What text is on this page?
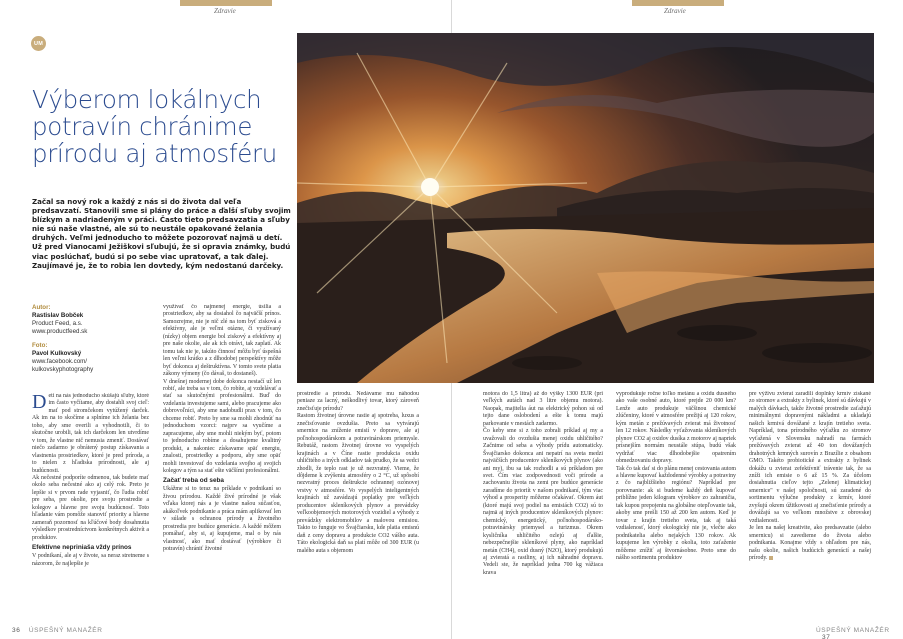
Zdravie	Zdravie
UM
Výberom lokálnych potravín chránime prírodu aj atmosféru
Začal sa nový rok a každý z nás si do života dal veľa predsavzatí. Stanovili sme si plány do práce a ďalší sľuby svojim blízkym a nadriadeným v práci. Často tieto predsavzatia a sľuby nie sú naše vlastné, ale sú to neustále opakované želania druhých. Veľmi jednoducho to môžete pozorovať najmä u detí. Už pred Vianocami Ježiškovi sľubujú, že si opravia známky, budú viac poslúchať, budú si po sebe viac upratovať, a tak ďalej. Zaujímavé je, že to robia len dovtedy, kým nedostanú darčeky.
Autor:
Rastislav Bobček
Product Feed, a.s.
www.productfeed.sk
Foto:
Pavol Kulkovský
www.facebook.com/
kulkovskyphotography
D eti na nás jednoducho skúšajú sľuby, ktoré im často vyčítame, aby dostahli svoj cieľ: mať pod stromčekom vytúžený darček. Ak im na to skočíme a splníme ich želania bez toho, aby sme overili a vyhodnotili, či to skutočne urobili, tak ich darčekom len utvrdíme v tom, že vlastne nič nemusia zmeniť. Dostávať niečo zadarmo je obrátený postup získavania a vlastnenia prostriedkov, ktoré je pred príroda, a to nielen z hľadiska prírodnosti, ale aj budúcnosti.

Ak nečestné podporíte odmenou, tak budete mať okolo seba nečestné ako aj celý rok. Preto je lepšie si v prvom rade vyjasniť, čo ľudia robiť pre seba, pre okolie, pre svoju prostredie a kolegov a hlavne pre svoju budúcnosť. Toto hľadanie vám pomôže stanoviť priority a hlavne zameraň pozornosť na kľúčové body dosahnutia výsledkov prostredníctvom konkrétnych aktivít a produktov.

Efektívne nepriniaša vždy prínos

V podnikaní, ale aj v živote, sa neraz stretneme s názorom, že najlepšie je

využívať čo najmenej energie, úsilia a prostriedkov, aby sa dosiahol čo najväčší prínos. Samozrejme, nie je nič zlé na tom byť zisková a efektívny, ale je veľmi otázne, či využívaný (nízky) objem energie bol ziskový a efektívny aj pre naše okolie, ale ak ich otrávi, tak zaplatí. Ak tomu tak nie je, takúto činnosť môžu byť úspešná len veľmi krátko a z dlhodobej perspektívy môže byť dokonca aj deštruktívna. V tomto svete platia zákony výmeny (čo dávaš, to dostaneš).

V dnešnej modernej dobe dokonca nestačí už len robiť, ale treba sa v tom, čo robíte, aj vzdelávať a stať sa skutočnými profesionálmi. Buď do vzdelania investujeme sami, alebo pracujeme ako dobrovoľníci, aby sme nadobudli prax v tom, čo chceme robiť. Preto by sme sa mohli zhodnúť na jednoduchom vzorci: najprv sa vyučíme a zapracujeme, aby sme mohli niekým byť, potom to jednoducho robíme a dosahujeme kvalitný produkt, a nakoniec získavame späť energiu, znalosti, prostriedky a podporu, aby sme opäť mohli investovať do vzdelania svojho aj svojich kolegov a tým sa stať ešte väčšími profesionálmi.

Začať treba od seba

Ukážme si to teraz na príklade v podnikaní so živou prírodou. Každé živé prírodné je však vďaka ktorej nás a je vlastne našou súčasťou, akákoľvek podnikanie a práca mám aplikovať len v súlade s ochranou prírody a životného prostredia pre budúce generácie. A každé môžem pomáhať, aby si, aj kupujeme, mal o by nás vlastnosť, ako mať dostávať (výrobkov či potravín) chrániť životné

prostredie a prírodu. Nedávame mu náhodou peniaze za lacný, neškodlivý tovar, ktorý zároveň znečisťuje prírodu?

Rastom životnej úrovne rastie aj spotreba, luxus a znečisťovanie ovzdušia. Preto sa vytvárajú smernice na zníženie emisií v doprave, ale aj poľnohospodárskom a potravinárskom priemysle. Rebutáž, rastom životnej úrovne vo vyspelých krajinách a v Číne rastie produkcia oxidu uhličitého a iných odkladov tak prudko, že sa vedci zhodli, že teplo rast je už nezvratný. Vieme, že dôjdeme k zvýšeniu atmosféry o 2 °C, už spôsobí nezvratný proces deštrukcie ochrannej ozónovej vrstvy v atmosfére. Vo vyspelých inteligentných krajinách už zavádzajú poplatky pre veľkých producentov skleníkových plynov a prevádzky veľkoobjemových motorových vozidiel a výhody z prevádzky elektromobilov a malovou emisiou. Takto to funguje vo Švajčiarsku, kde platia emisnú daň z ceny dopravu a produkcie CO2 vášho auta. Táto ekologická daň sa platí môže od 300 EUR (u malého auta s objemom

motora do 1,5 litra) až do výšky 1300 EUR (pri veľkých autách nad 3 litre objemu motora). Naopak, majitelia áut na elektrický pohon sú od tejto dane oslobodení a ešte k tomu majú parkovanie v mestách zadarmo.

Čo keby sme si z toho zobrali príklad aj my a uvažovali do ovzdušia menej oxidu uhličitého? Začnime od seba a výhody prídu automaticky. Švajčiarsko dokonca ani nepatrí na sveta medzi najväčších producentov skleníkových plynov (ako ani my), ibu sa tak rozhodli a sú príkladom pre svet. Čím viac zodpovednosti voči prírode a zachovaniu života na zemi pre budúce generácie zaradíme do prioriít v našom podnikaní, tým viac výhod a prosperity môžeme očakávať. Okrem áut (ktoré majú svoj podiel na emisiách CO2) sú to najmä aj iných producentov skleníkových plynov: chemický, energetický, poľnohospodársko-potravinársky priemysel a turizmus. Okrem kysličníka uhličitého ozlejú aj ďalšie, nebezpečnejšie skleníkové plyny, ako napríklad metán (CH4), oxid dusný (N2O), ktorý produkujú aj zvieratá a rastliny, aj ich náhradné dopravu. Vedeli ste, že napríklad jedna 700 kg vážiaca krava

vyprodukuje ročne toľko metánu a oxidu dusného ako vaše osobné auto, ktoré prejde 20 000 km? Lenže auto produkuje väčšinou chemické zlúčeniny, ktoré v atmosfére prežijú aj 120 rokov, kým metán z prežúvavých zvierat má životnosť len 12 rokov. Následky vyťažovania skleníkových plynov CO2 aj oxidov dusíka z motorov aj napriek prísnejším normám neustále stúpa, budú však vydržať viac dlhodobejšie opatrením obmedzovaniu dopravy.

Tak čo tak dať si do plánu menej cestovania autom a hlavne kupovať každodenné výrobky a potraviny z čo najbližšieho regiónu? Napríklad pre porovnanie: ak si budeme každý deň kupovať priblížne jeden kilogram výrobkov zo zahraničia, tak kupou prepojeniu na globálne otepľovanie tak, akoby sme prešli 150 až 200 km autom. Keď je tovar z krajín tretieho sveta, tak aj taká vzdialenosť, ktorý ekologický nie je, vlečte ako podnikatelia alebo nejakých 130 rokov. Ak kupujeme len výrobky z okolia, toto zaťaženie môžeme znížiť aj štvornásobne. Preto sme do nášho sortimentu produktov

pre výživu zvierat zaradili doplnky krmív získané zo stromov a extrakty z bylinek, ktoré sú dávkujú v malých dávkach, takže životné prostredie zaťažujú minimálnymi dopravnými nákladmi a ukladajú našich krmivá dovážané z krajín tretieho sveta. Napríklad, tona prírodného výťažku zo stromov vyťažená v Slovensku nahradí na farmách prežúvavých zvierat až 40 ton dovážaných drahotných krmných surovín z Brazílie z obsahom GMO. Takéto probiotické a extrakty z bylinek dokážu u zvierat zefektívniť trávenie tak, že sa zníži ich emisie o 6 až 15 %. Za účelom dosiahnutia cieľov tejto „Zelenej klimatickej smernice" v našej spoločnosti, sú zaradené do sortimentu výlučne produkty z krmív, ktoré zvyšujú okrem úžitkovosti aj znečisťenie prírody a dovážajú sa vo veľkom množstve z obrovskej vzdialenosti.

Je len na našej kreativite, ako predsavzatie (alebo smernicu) si zavedieme do života alebo podnikania. Konajme vždy s ohľadom pre nás, našu okolie, našich budúcich generácií a našej prírody.

36 ÚSPEŠNÝ MANAŽÉR	ÚSPEŠNÝ MANAŽÉR 37
